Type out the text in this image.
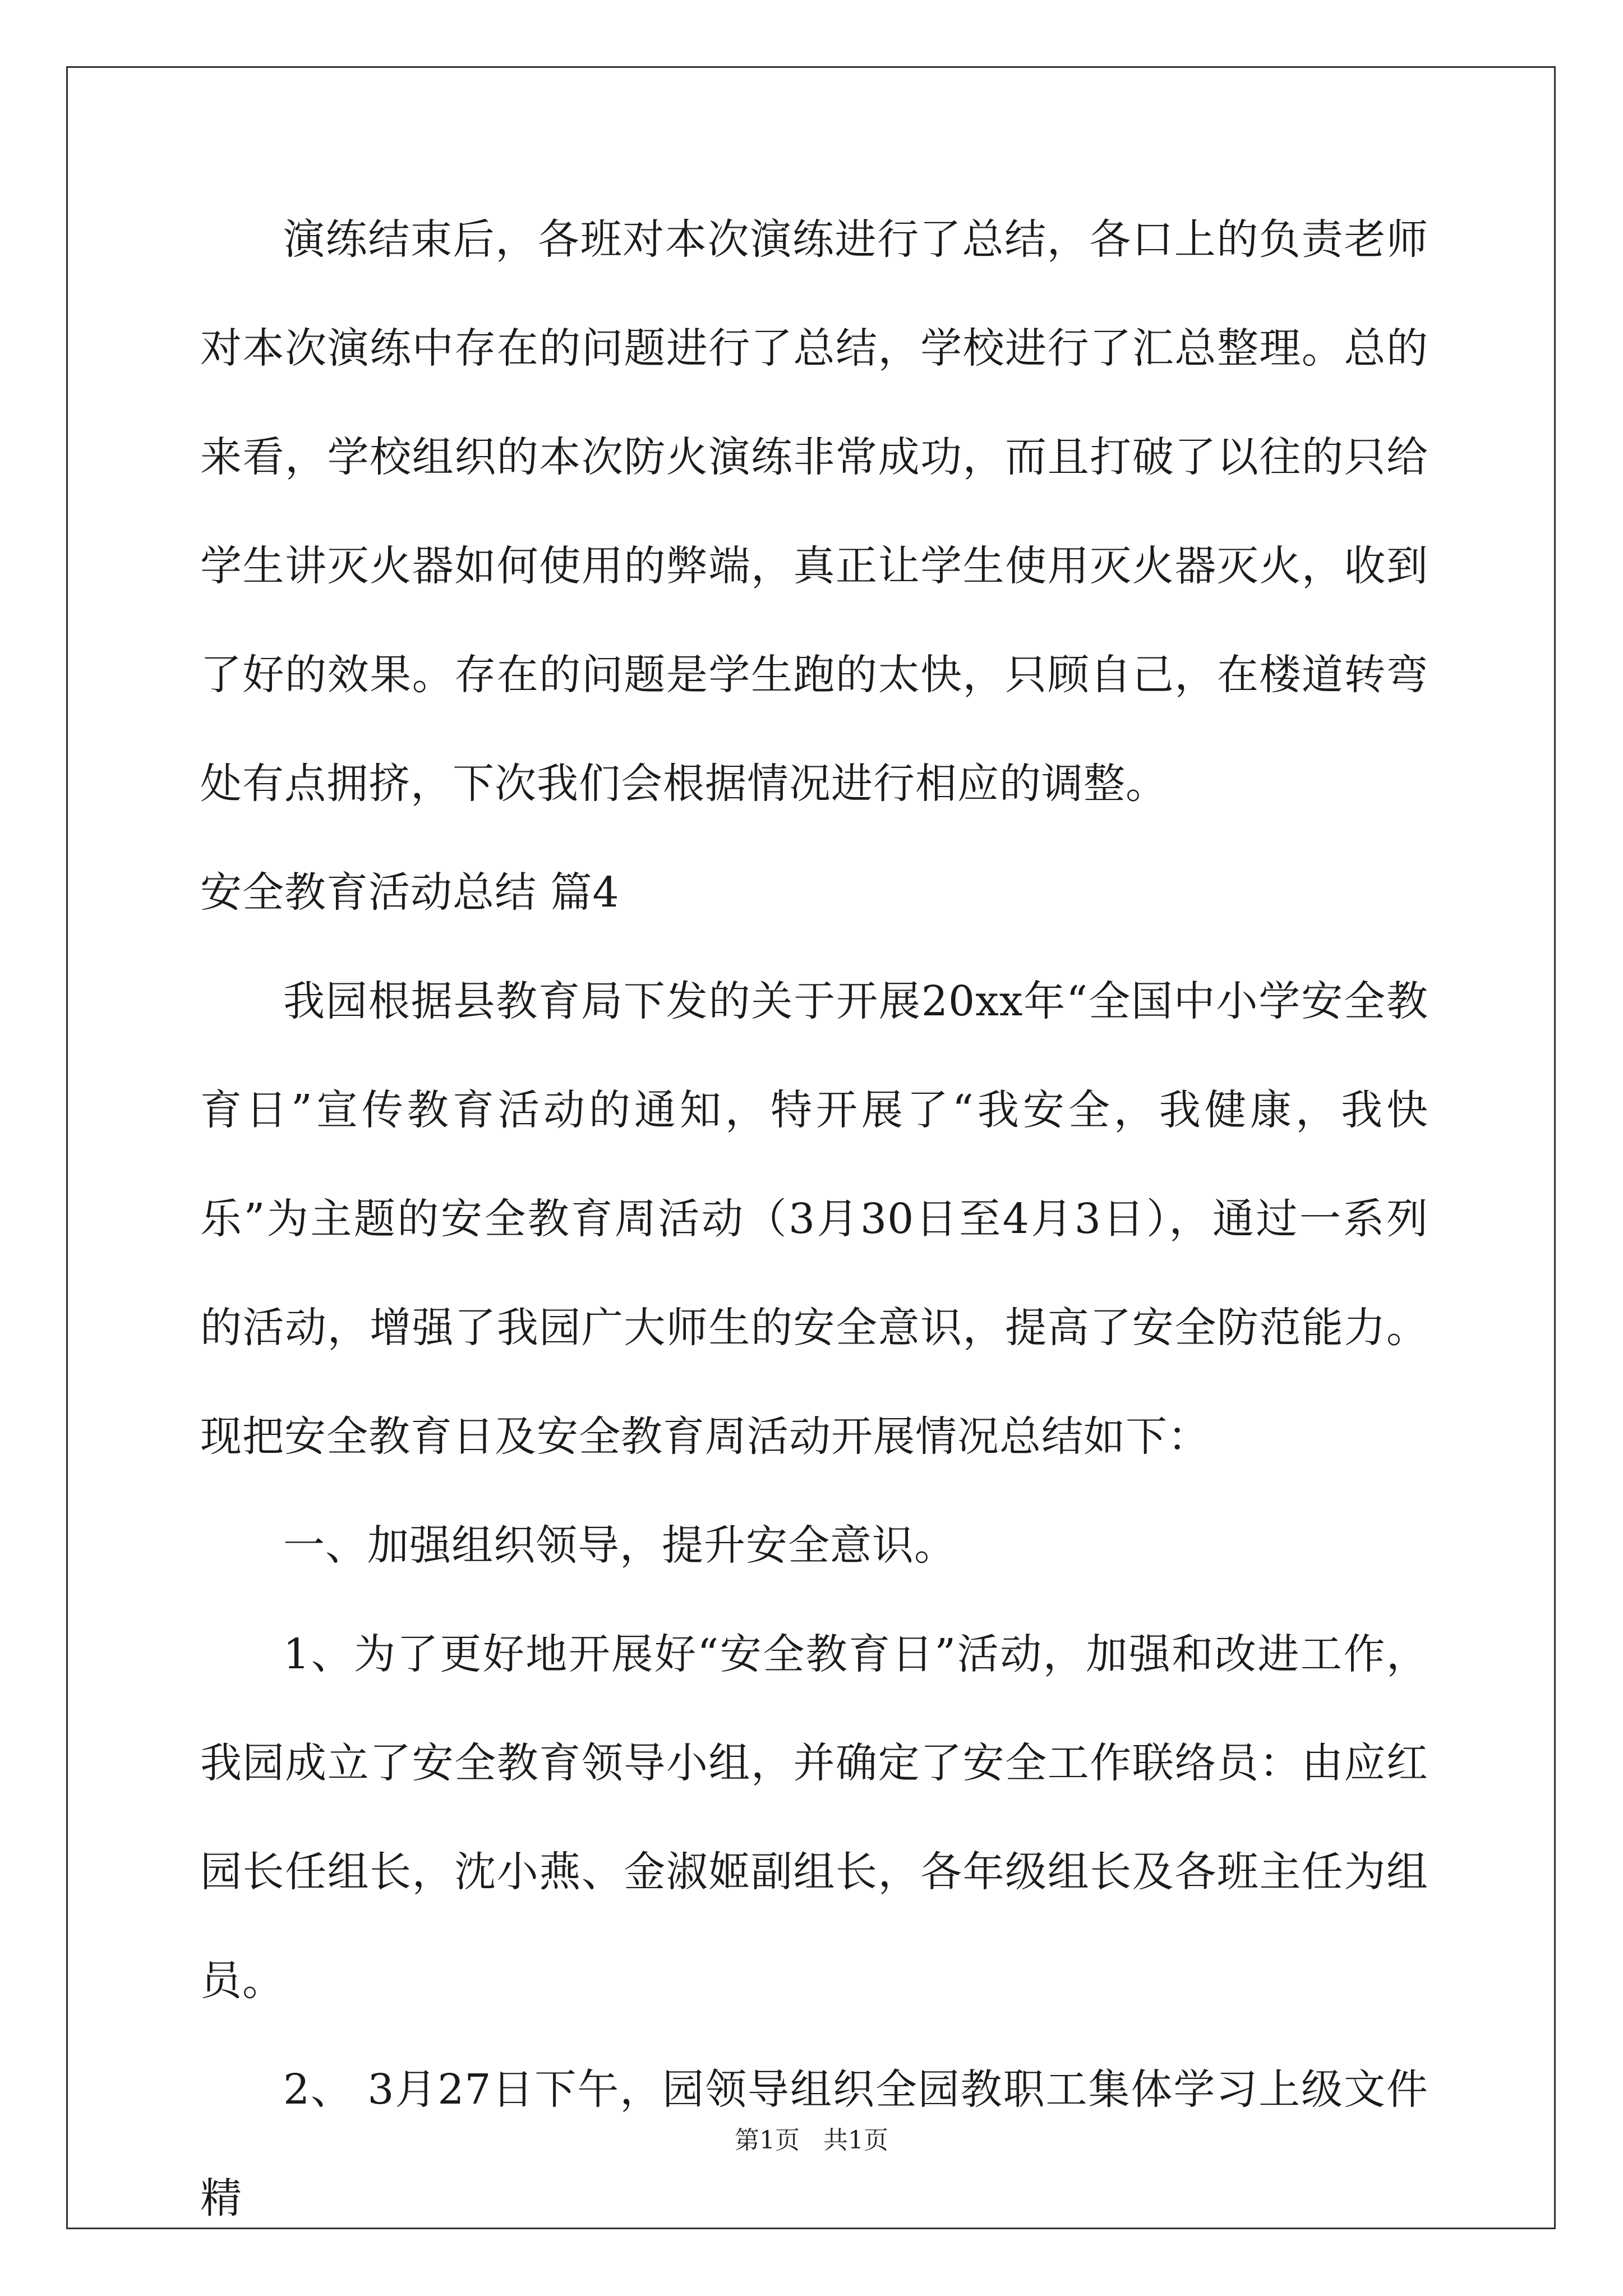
演练结束后，各班对本次演练进行了总结，各口上的负责老师对本次演练中存在的问题进行了总结，学校进行了汇总整理。总的来看，学校组织的本次防火演练非常成功，而且打破了以往的只给学生讲灭火器如何使用的弊端，真正让学生使用灭火器灭火，收到了好的效果。存在的问题是学生跑的太快，只顾自己，在楼道转弯处有点拥挤，下次我们会根据情况进行相应的调整。

安全教育活动总结 篇4

我园根据县教育局下发的关于开展20xx年“全国中小学安全教育日”宣传教育活动的通知，特开展了“我安全，我健康，我快乐”为主题的安全教育周活动（3月30日至4月3日），通过一系列的活动，增强了我园广大师生的安全意识，提高了安全防范能力。现把安全教育日及安全教育周活动开展情况总结如下：

一、加强组织领导，提升安全意识。

1、为了更好地开展好“安全教育日”活动，加强和改进工作，我园成立了安全教育领导小组，并确定了安全工作联络员：由应红园长任组长，沈小燕、金淑姬副组长，各年级组长及各班主任为组员。

2、 3月27日下午，园领导组织全园教职工集体学习上级文件精

第1页 共1页
